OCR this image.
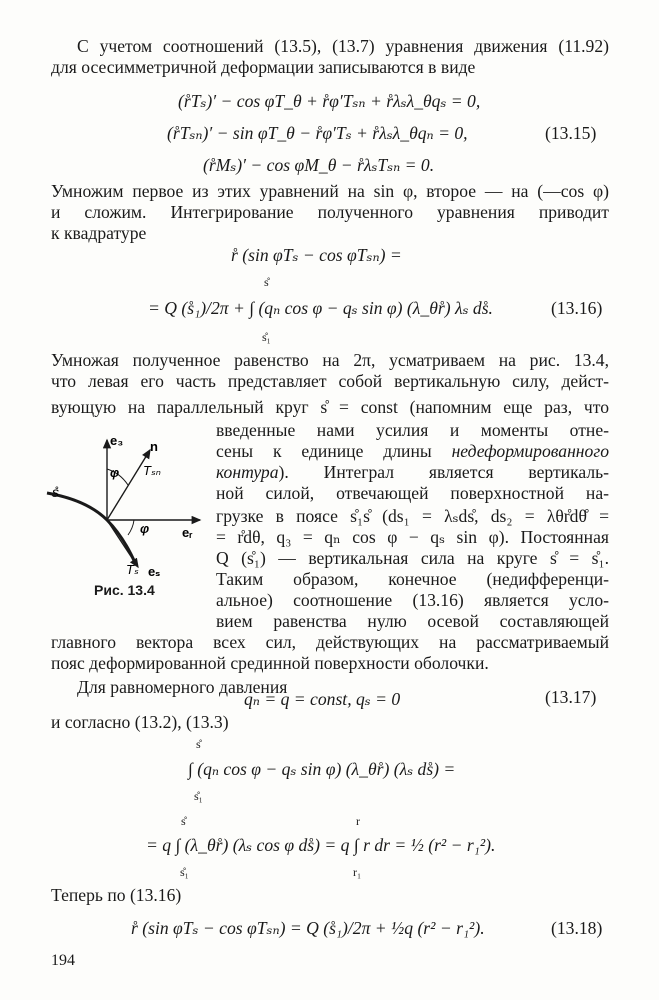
С учетом соотношений (13.5), (13.7) уравнения движения (11.92)
для осесимметричной деформации записываются в виде
(r̊Tₛ)′ − cos φT_θ + r̊φ′Tₛₙ + r̊λₛλ_θqₛ = 0,
(r̊Tₛₙ)′ − sin φT_θ − r̊φ′Tₛ + r̊λₛλ_θqₙ = 0,	(13.15)
(r̊Mₛ)′ − cos φM_θ − r̊λₛTₛₙ = 0.
Умножим первое из этих уравнений на sin φ, второе — на (—cos φ)
и сложим. Интегрирование полученного уравнения приводит
к квадратуре
r̊ (sin φTₛ − cos φTₛₙ) =
s̊
= Q (s̊₁)/2π + ∫ (qₙ cos φ − qₛ sin φ) (λ_θr̊) λₛ ds̊.
s̊₁
(13.16)
Умножая полученное равенство на 2π, усматриваем на рис. 13.4,
что левая его часть представляет собой вертикальную силу, дейст-
вующую на параллельный круг s̊ = const (напомним еще раз, что
e₃ n
Tₛₙ
φ
φ	eᵣ
s̊
Tₛ eₛ
Рис. 13.4
введенные нами усилия и моменты отне-
сены к единице длины недеформированного
контура). Интеграл является вертикаль-
ной силой, отвечающей поверхностной на-
грузке в поясе s̊₁s̊ (ds₁ = λₛds̊, ds₂ = λθr̊dθ̊ =
= r̊dθ, q₃ = qₙ cos φ − qₛ sin φ). Постоянная
Q (s̊₁) — вертикальная сила на круге s̊ = s̊₁.
Таким образом, конечное (недифференци-
альное) соотношение (13.16) является усло-
вием равенства нулю осевой составляющей
главного вектора всех сил, действующих на рассматриваемый
пояс деформированной срединной поверхности оболочки.
Для равномерного давления
qₙ = q = const, qₛ = 0	(13.17)
и согласно (13.2), (13.3)
s̊
∫ (qₙ cos φ − qₛ sin φ) (λ_θr̊) (λₛ ds̊) =
s̊₁
s̊	r
= q ∫ (λ_θr̊) (λₛ cos φ ds̊) = q ∫ r dr = ½ (r² − r₁²).
s̊₁	r₁
Теперь по (13.16)
r̊ (sin φTₛ − cos φTₛₙ) = Q (s̊₁)/2π + ½q (r² − r₁²).	(13.18)
194
